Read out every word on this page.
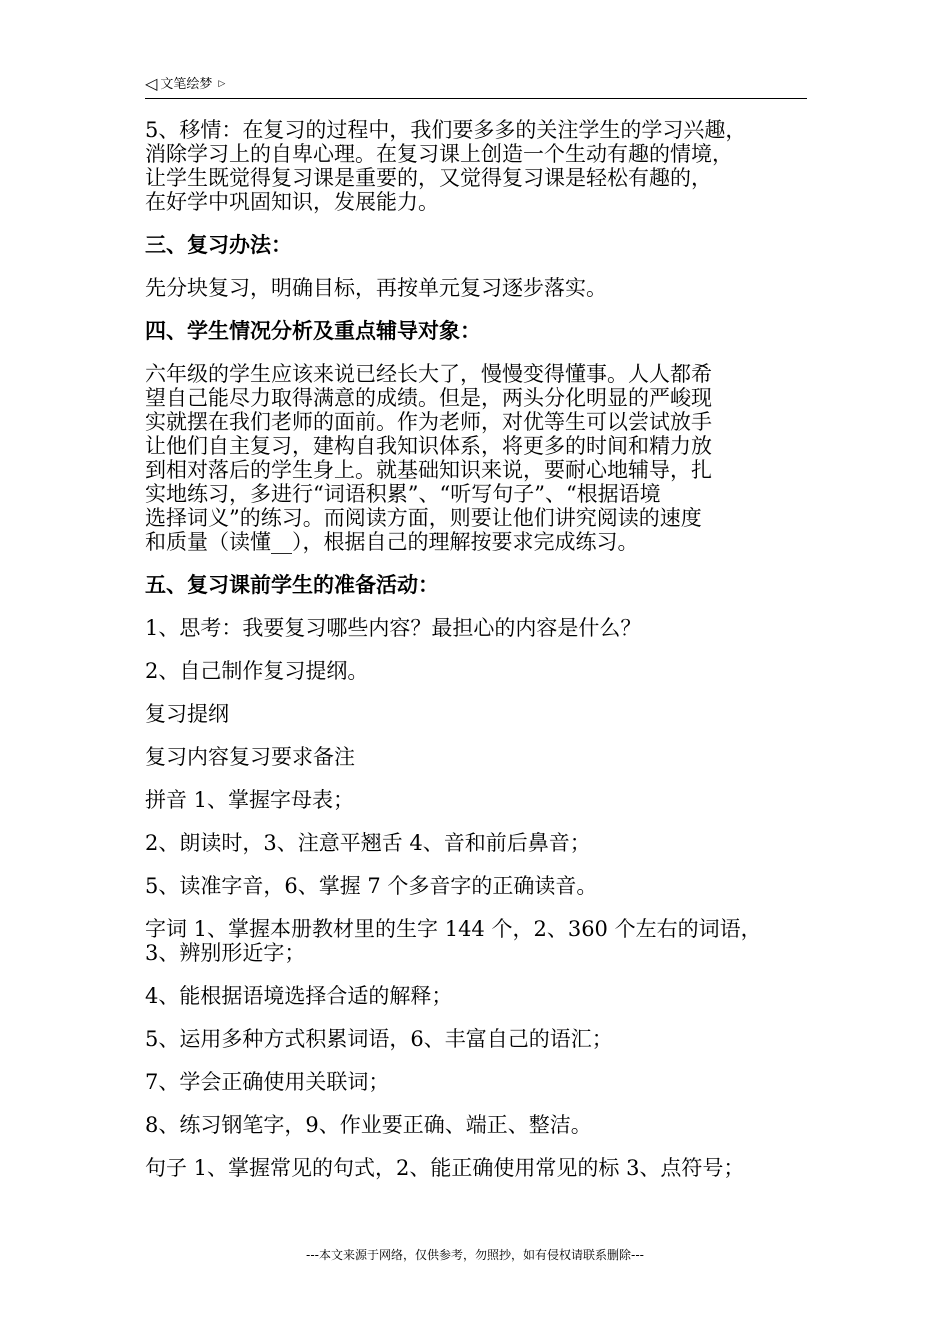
◁ 文笔绘梦 ▷

5、移情：在复习的过程中，我们要多多的关注学生的学习兴趣，
消除学习上的自卑心理。在复习课上创造一个生动有趣的情境，
让学生既觉得复习课是重要的，又觉得复习课是轻松有趣的，
在好学中巩固知识，发展能力。

三、复习办法：

先分块复习，明确目标，再按单元复习逐步落实。

四、学生情况分析及重点辅导对象：

六年级的学生应该来说已经长大了，慢慢变得懂事。人人都希
望自己能尽力取得满意的成绩。但是，两头分化明显的严峻现
实就摆在我们老师的面前。作为老师，对优等生可以尝试放手
让他们自主复习，建构自我知识体系，将更多的时间和精力放
到相对落后的学生身上。就基础知识来说，要耐心地辅导，扎
实地练习，多进行“词语积累”、“听写句子”、“根据语境
选择词义”的练习。而阅读方面，则要让他们讲究阅读的速度
和质量（读懂__），根据自己的理解按要求完成练习。

五、复习课前学生的准备活动：

1、思考：我要复习哪些内容？最担心的内容是什么？

2、自己制作复习提纲。

复习提纲

复习内容复习要求备注

拼音 1、掌握字母表；

2、朗读时，3、注意平翘舌 4、音和前后鼻音；

5、读准字音，6、掌握 7 个多音字的正确读音。

字词 1、掌握本册教材里的生字 144 个，2、360 个左右的词语，
3、辨别形近字；

4、能根据语境选择合适的解释；

5、运用多种方式积累词语，6、丰富自己的语汇；

7、学会正确使用关联词；

8、练习钢笔字，9、作业要正确、端正、整洁。

句子 1、掌握常见的句式，2、能正确使用常见的标 3、点符号；

---本文来源于网络，仅供参考，勿照抄，如有侵权请联系删除---
